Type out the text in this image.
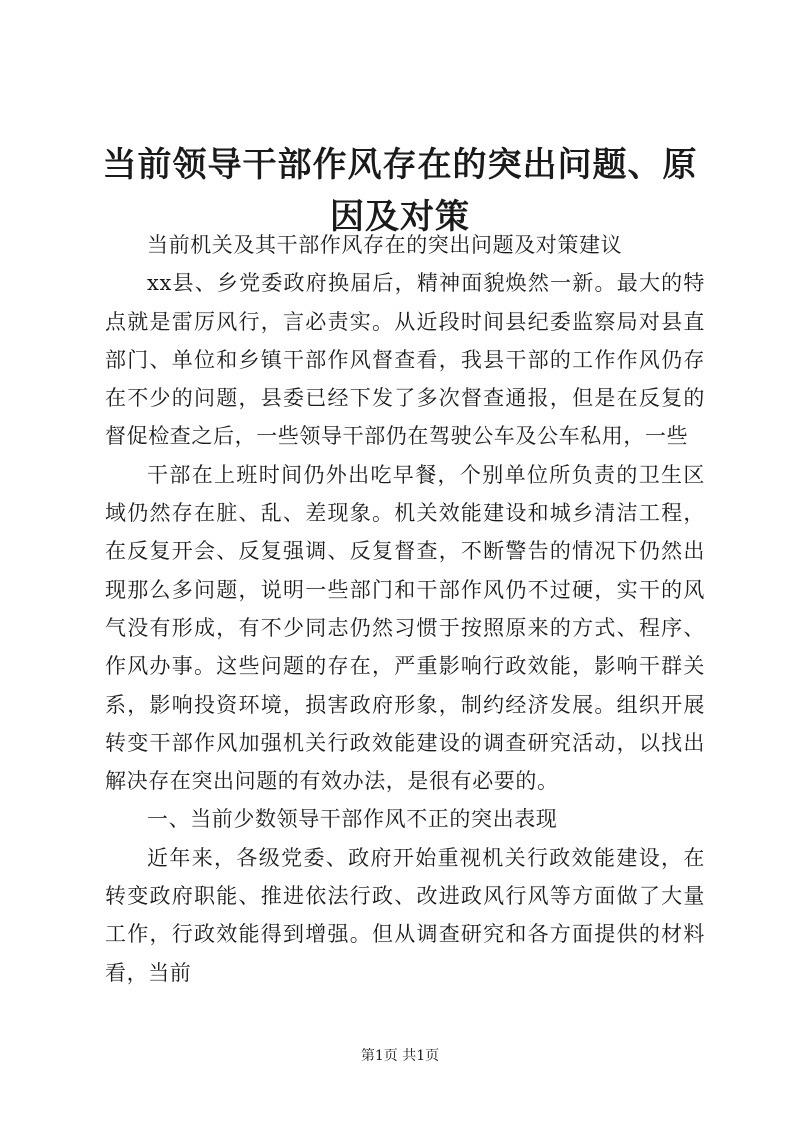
当前领导干部作风存在的突出问题、原因及对策

当前机关及其干部作风存在的突出问题及对策建议

xx县、乡党委政府换届后，精神面貌焕然一新。最大的特点就是雷厉风行，言必责实。从近段时间县纪委监察局对县直部门、单位和乡镇干部作风督查看，我县干部的工作作风仍存在不少的问题，县委已经下发了多次督查通报，但是在反复的督促检查之后，一些领导干部仍在驾驶公车及公车私用，一些

干部在上班时间仍外出吃早餐，个别单位所负责的卫生区域仍然存在脏、乱、差现象。机关效能建设和城乡清洁工程，在反复开会、反复强调、反复督查，不断警告的情况下仍然出现那么多问题，说明一些部门和干部作风仍不过硬，实干的风气没有形成，有不少同志仍然习惯于按照原来的方式、程序、作风办事。这些问题的存在，严重影响行政效能，影响干群关系，影响投资环境，损害政府形象，制约经济发展。组织开展转变干部作风加强机关行政效能建设的调查研究活动，以找出解决存在突出问题的有效办法，是很有必要的。

一、当前少数领导干部作风不正的突出表现

近年来，各级党委、政府开始重视机关行政效能建设，在转变政府职能、推进依法行政、改进政风行风等方面做了大量工作，行政效能得到增强。但从调查研究和各方面提供的材料看，当前

第1页 共1页
